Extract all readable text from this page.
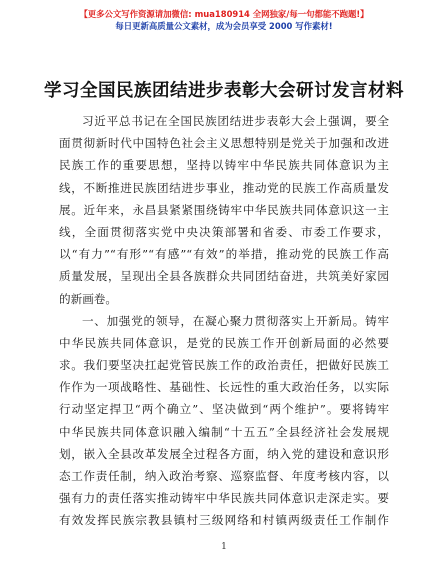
【更多公文写作资源请加微信: mua180914 全网独家/每一句都能不跑题!】
每日更新高质量公文素材，成为会员享受 2000 写作素材!
学习全国民族团结进步表彰大会研讨发言材料
习近平总书记在全国民族团结进步表彰大会上强调，要全
面贯彻新时代中国特色社会主义思想特别是党关于加强和改进
民族工作的重要思想，坚持以铸牢中华民族共同体意识为主
线，不断推进民族团结进步事业，推动党的民族工作高质量发
展。近年来，永昌县紧紧围绕铸牢中华民族共同体意识这一主
线，全面贯彻落实党中央决策部署和省委、市委工作要求，
以“有力”“有形”“有感”“有效”的举措，推动党的民族工作高
质量发展，呈现出全县各族群众共同团结奋进，共筑美好家园
的新画卷。
一、加强党的领导，在凝心聚力贯彻落实上开新局。铸牢
中华民族共同体意识，是党的民族工作开创新局面的必然要
求。我们要坚决扛起党管民族工作的政治责任，把做好民族工
作作为一项战略性、基础性、长远性的重大政治任务，以实际
行动坚定捍卫“两个确立”、坚决做到“两个维护”。要将铸牢
中华民族共同体意识融入编制“十五五”全县经济社会发展规
划，嵌入全县改革发展全过程各方面，纳入党的建设和意识形
态工作责任制，纳入政治考察、巡察监督、年度考核内容，以
强有力的责任落实推动铸牢中华民族共同体意识走深走实。要
有效发挥民族宗教县镇村三级网络和村镇两级责任工作制作
1
